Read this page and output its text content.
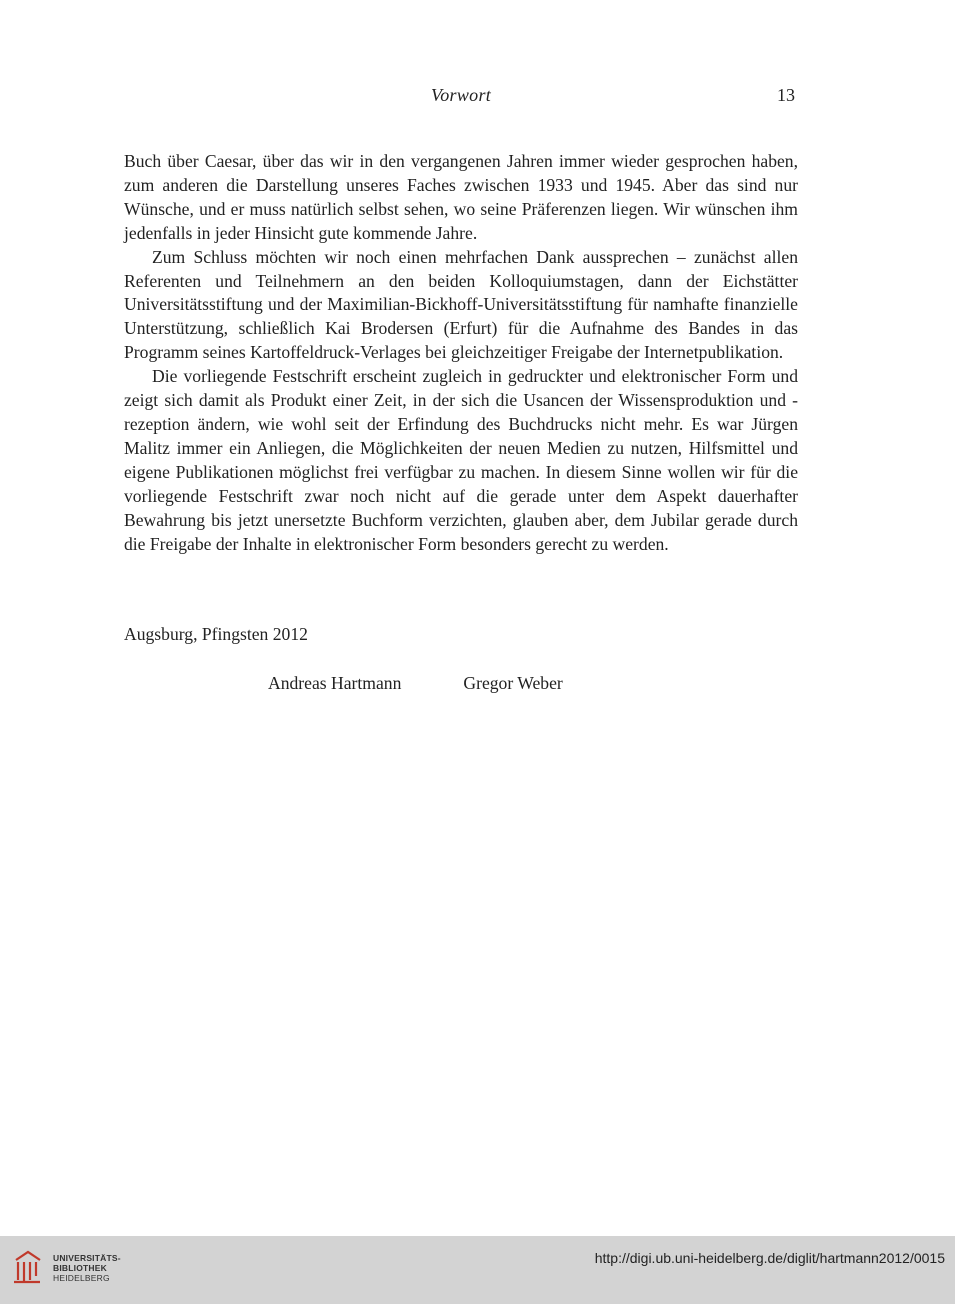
Vorwort	13

Buch über Caesar, über das wir in den vergangenen Jahren immer wieder gesprochen haben, zum anderen die Darstellung unseres Faches zwischen 1933 und 1945. Aber das sind nur Wünsche, und er muss natürlich selbst sehen, wo seine Präferenzen liegen. Wir wünschen ihm jedenfalls in jeder Hinsicht gute kommende Jahre.

Zum Schluss möchten wir noch einen mehrfachen Dank aussprechen – zunächst allen Referenten und Teilnehmern an den beiden Kolloquiumstagen, dann der Eichstätter Universitätsstiftung und der Maximilian-Bickhoff-Universitätsstiftung für namhafte finanzielle Unterstützung, schließlich Kai Brodersen (Erfurt) für die Aufnahme des Bandes in das Programm seines Kartoffeldruck-Verlages bei gleichzeitiger Freigabe der Internetpublikation.

Die vorliegende Festschrift erscheint zugleich in gedruckter und elektronischer Form und zeigt sich damit als Produkt einer Zeit, in der sich die Usancen der Wissensproduktion und -rezeption ändern, wie wohl seit der Erfindung des Buchdrucks nicht mehr. Es war Jürgen Malitz immer ein Anliegen, die Möglichkeiten der neuen Medien zu nutzen, Hilfsmittel und eigene Publikationen möglichst frei verfügbar zu machen. In diesem Sinne wollen wir für die vorliegende Festschrift zwar noch nicht auf die gerade unter dem Aspekt dauerhafter Bewahrung bis jetzt unersetzte Buchform verzichten, glauben aber, dem Jubilar gerade durch die Freigabe der Inhalte in elektronischer Form besonders gerecht zu werden.

Augsburg, Pfingsten 2012
Andreas Hartmann	Gregor Weber
UNIVERSITÄTS-
BIBLIOTHEK
HEIDELBERG
http://digi.ub.uni-heidelberg.de/diglit/hartmann2012/0015
